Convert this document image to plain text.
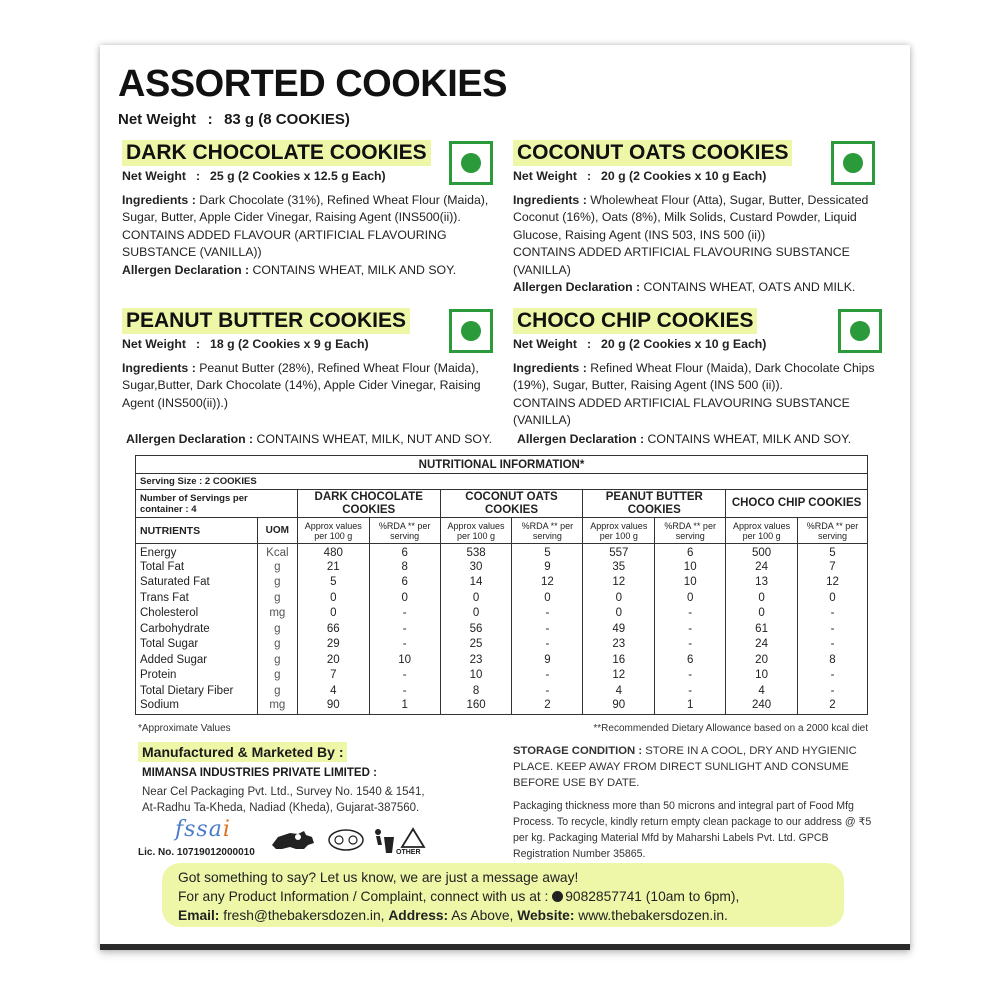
ASSORTED COOKIES
Net Weight : 83 g (8 COOKIES)
DARK CHOCOLATE COOKIES
Net Weight : 25 g (2 Cookies x 12.5 g Each)

Ingredients : Dark Chocolate (31%), Refined Wheat Flour (Maida), Sugar, Butter, Apple Cider Vinegar, Raising Agent (INS500(ii)).

CONTAINS ADDED FLAVOUR (ARTIFICIAL FLAVOURING SUBSTANCE (VANILLA))

Allergen Declaration : CONTAINS WHEAT, MILK AND SOY.

COCONUT OATS COOKIES
Net Weight : 20 g (2 Cookies x 10 g Each)

Ingredients : Wholewheat Flour (Atta), Sugar, Butter, Dessicated Coconut (16%), Oats (8%), Milk Solids, Custard Powder, Liquid Glucose, Raising Agent (INS 503, INS 500 (ii))

CONTAINS ADDED ARTIFICIAL FLAVOURING SUBSTANCE (VANILLA)

Allergen Declaration : CONTAINS WHEAT, OATS AND MILK.

PEANUT BUTTER COOKIES
Net Weight : 18 g (2 Cookies x 9 g Each)

Ingredients : Peanut Butter (28%), Refined Wheat Flour (Maida), Sugar,Butter, Dark Chocolate (14%), Apple Cider Vinegar, Raising Agent (INS500(ii)).)

Allergen Declaration : CONTAINS WHEAT, MILK, NUT AND SOY.
CHOCO CHIP COOKIES
Net Weight : 20 g (2 Cookies x 10 g Each)

Ingredients : Refined Wheat Flour (Maida), Dark Chocolate Chips (19%), Sugar, Butter, Raising Agent (INS 500 (ii)).

CONTAINS ADDED ARTIFICIAL FLAVOURING SUBSTANCE (VANILLA)

Allergen Declaration : CONTAINS WHEAT, MILK AND SOY.
NUTRITIONAL INFORMATION*									
Serving Size : 2 COOKIES									
Number of Servings per container : 4		DARK CHOCOLATE COOKIES		COCONUT OATS COOKIES		PEANUT BUTTER COOKIES		CHOCO CHIP COOKIES	
NUTRIENTS	UOM	Approx values per 100 g	%RDA ** per serving	Approx values per 100 g	%RDA ** per serving	Approx values per 100 g	%RDA ** per serving	Approx values per 100 g	%RDA ** per serving
Energy	Kcal	480	6	538	5	557	6	500	5
Total Fat	g	21	8	30	9	35	10	24	7
Saturated Fat	g	5	6	14	12	12	10	13	12
Trans Fat	g	0	0	0	0	0	0	0	0
Cholesterol	mg	0	-	0	-	0	-	0	-
Carbohydrate	g	66	-	56	-	49	-	61	-
Total Sugar	g	29	-	25	-	23	-	24	-
Added Sugar	g	20	10	23	9	16	6	20	8
Protein	g	7	-	10	-	12	-	10	-
Total Dietary Fiber	g	4	-	8	-	4	-	4	-
Sodium	mg	90	1	160	2	90	1	240	2
*Approximate Values	**Recommended Dietary Allowance based on a 2000 kcal diet
Manufactured & Marketed By :
MIMANSA INDUSTRIES PRIVATE LIMITED :
Near Cel Packaging Pvt. Ltd., Survey No. 1540 & 1541,
At-Radhu Ta-Kheda, Nadiad (Kheda), Gujarat-387560.
STORAGE CONDITION : STORE IN A COOL, DRY AND HYGIENIC PLACE. KEEP AWAY FROM DIRECT SUNLIGHT AND CONSUME BEFORE USE BY DATE.
Packaging thickness more than 50 microns and integral part of Food Mfg Process. To recycle, kindly return empty clean package to our address @ ₹5 per kg. Packaging Material Mfd by Maharshi Labels Pvt. Ltd. GPCB Registration Number 35865.
fssai
Lic. No. 10719012000010	OTHER
Got something to say? Let us know, we are just a message away!
For any Product Information / Complaint, connect with us at : 9082857741 (10am to 6pm),
Email: fresh@thebakersdozen.in, Address: As Above, Website: www.thebakersdozen.in.
